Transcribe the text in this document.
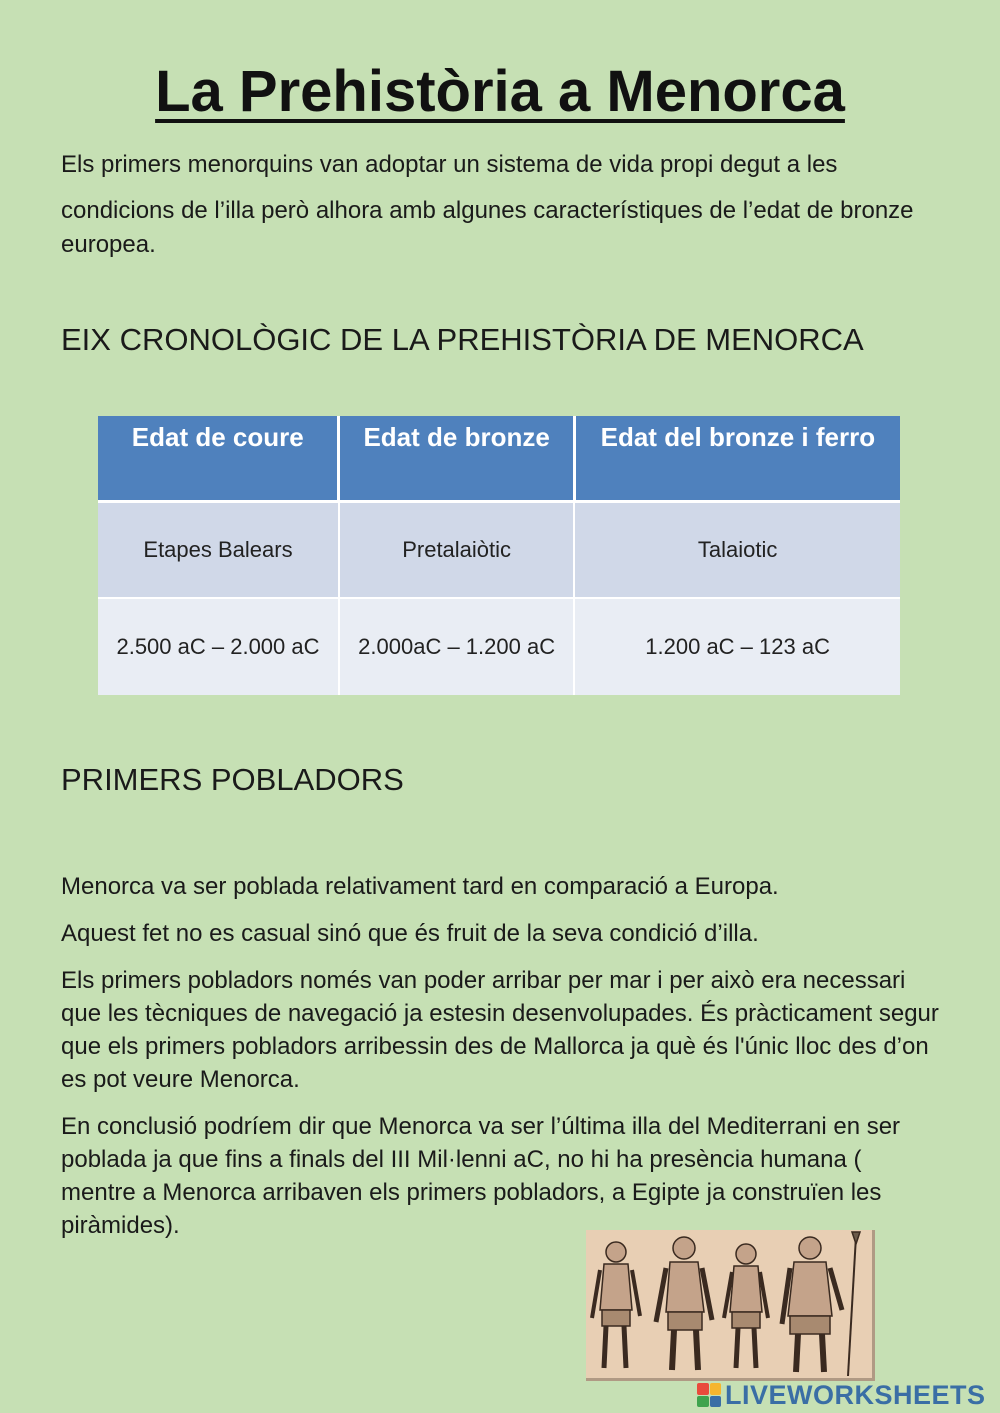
La Prehistòria a Menorca
Els primers menorquins van adoptar un sistema de vida propi degut a les
condicions de l’illa però alhora amb algunes característiques de l’edat de bronze europea.
EIX CRONOLÒGIC DE LA PREHISTÒRIA DE MENORCA
Edat de coure	Edat de bronze	Edat del bronze i ferro
Etapes Balears	Pretalaiòtic	Talaiotic
2.500 aC – 2.000 aC	2.000aC – 1.200 aC	1.200 aC – 123 aC
PRIMERS POBLADORS

Menorca va ser poblada relativament tard en comparació a Europa.

Aquest fet no es casual sinó que és fruit de la seva condició d’illa.

Els primers pobladors només van poder arribar per mar i per això era necessari que les tècniques de navegació ja estesin desenvolupades. És pràcticament segur que els primers pobladors arribessin des de Mallorca ja què és l'únic lloc des d’on es pot veure Menorca.

En conclusió podríem dir que Menorca va ser l’última illa del Mediterrani en ser poblada ja que fins a finals del III Mil·lenni aC, no hi ha presència humana ( mentre a Menorca arribaven els primers pobladors, a Egipte ja construïen les piràmides).

LIVEWORKSHEETS
